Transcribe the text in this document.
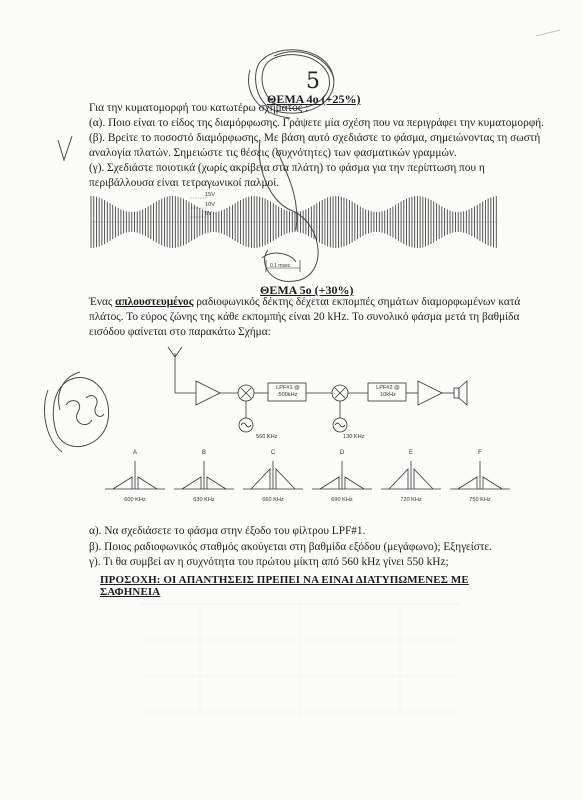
ΘΕΜΑ 4ο (+25%)
Για την κυματομορφή του κατωτέρω σχήματος :
(α). Ποιο είναι το είδος της διαμόρφωσης. Γράψετε μία σχέση που να περιγράφει την κυματομορφή.
(β). Βρείτε το ποσοστό διαμόρφωσης. Με βάση αυτό σχεδιάστε το φάσμα, σημειώνοντας τη σωστή
αναλογία πλατών. Σημειώστε τις θέσεις (συχνότητες) των φασματικών γραμμών.
(γ). Σχεδιάστε ποιοτικά (χωρίς ακρίβεια στα πλάτη) το φάσμα για την περίπτωση που η
περιβάλλουσα είναι τετραγωνικοί παλμοί.
15V
10V
5V
0.1 msec
ΘΕΜΑ 5ο (+30%)
Ένας απλουστευμένος ραδιοφωνικός δέκτης δέχεται εκπομπές σημάτων διαμορφωμένων κατά
πλάτος. Το εύρος ζώνης της κάθε εκπομπής είναι 20 kHz. Το συνολικό φάσμα μετά τη βαθμίδα
εισόδου φαίνεται στο παρακάτω Σχήμα:
LPF#1 @
500kHz
LPF#2 @
10kHz
560 KHz	130 KHz
A
600 KHz
B
630 KHz
C
660 KHz
D
690 KHz
E
720 KHz
F
750 KHz
α). Να σχεδιάσετε το φάσμα στην έξοδο του φίλτρου LPF#1.
β). Ποιος ραδιοφωνικός σταθμός ακούγεται στη βαθμίδα εξόδου (μεγάφωνο); Εξηγείστε.
γ). Τι θα συμβεί αν η συχνότητα του πρώτου μίκτη από 560 kHz γίνει 550 kHz;
ΠΡΟΣΟΧΗ: ΟΙ ΑΠΑΝΤΗΣΕΙΣ ΠΡΕΠΕΙ ΝΑ ΕΙΝΑΙ ΔΙΑΤΥΠΩΜΕΝΕΣ ΜΕ ΣΑΦΗΝΕΙΑ
5
